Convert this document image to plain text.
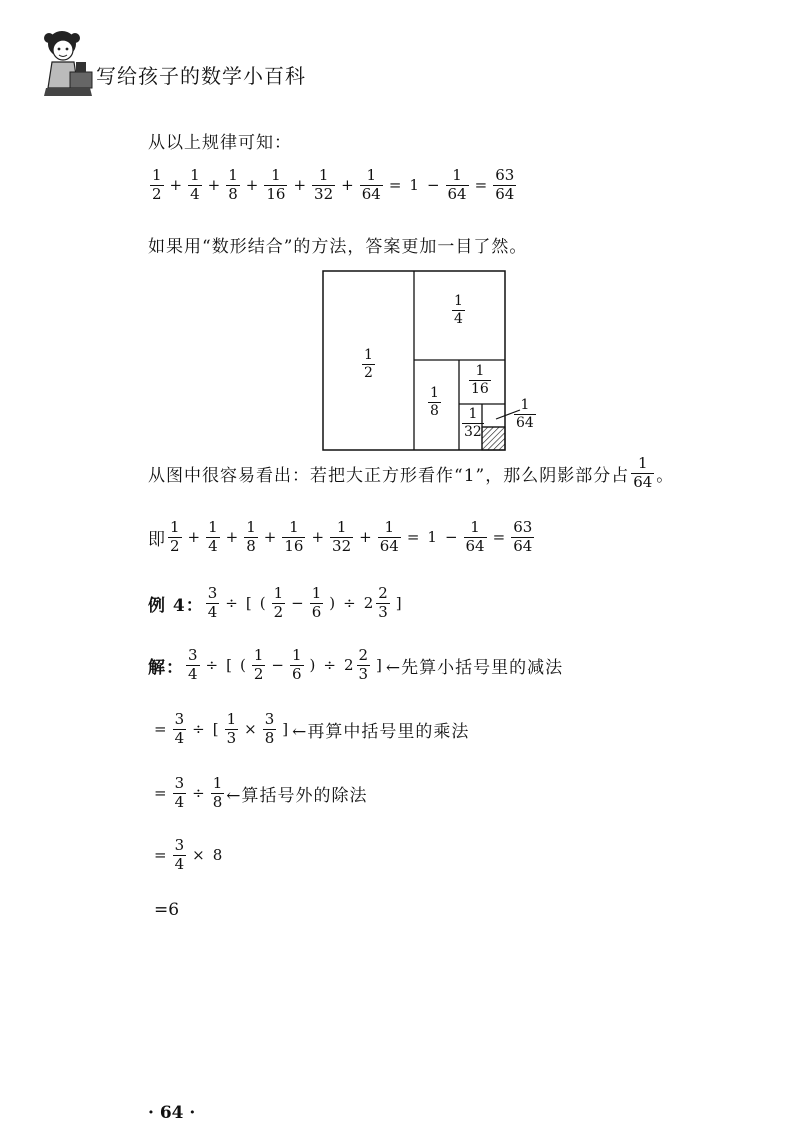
写给孩子的数学小百科
从以上规律可知：
$\frac{1}{2} + \frac{1}{4} + \frac{1}{8} + \frac{1}{16} + \frac{1}{32} + \frac{1}{64} = 1 - \frac{1}{64} = \frac{63}{64}$
如果用“数形结合”的方法，答案更加一目了然。
$\frac{1}{2}$
$\frac{1}{4}$
$\frac{1}{8}$
$\frac{1}{16}$
$\frac{1}{32} \frac{1}{64}$
从图中很容易看出：若把大正方形看作“1”，那么阴影部分占 $\frac{1}{64}$ 。
即 $\frac{1}{2} + \frac{1}{4} + \frac{1}{8} + \frac{1}{16} + \frac{1}{32} + \frac{1}{64} = 1 - \frac{1}{64} = \frac{63}{64}$
例 4： $\frac{3}{4}$ ÷ [ ( $\frac{1}{2} - \frac{1}{6}$ ) ÷ $2 \frac{2}{3}$ ]
解： $\frac{3}{4}$ ÷ [ ( $\frac{1}{2} - \frac{1}{6}$ ) ÷ $2 \frac{2}{3}$ ] ←先算小括号里的减法
= $\frac{3}{4}$ ÷ [ $\frac{1}{3} \times \frac{3}{8}$ ] ←再算中括号里的乘法
= $\frac{3}{4} \div \frac{1}{8}$ ←算括号外的除法
= $\frac{3}{4} \times 8$
=6
· 64 ·
